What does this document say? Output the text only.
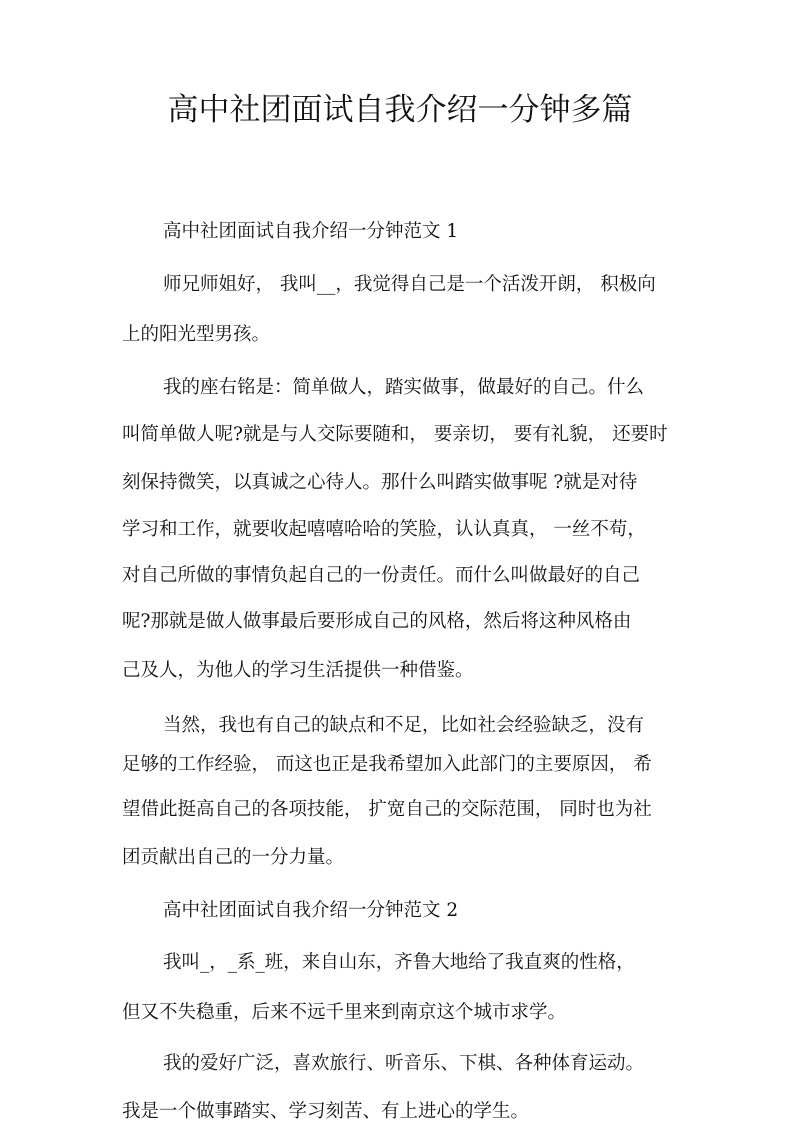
高中社团面试自我介绍一分钟多篇
高中社团面试自我介绍一分钟范文 1
师兄师姐好， 我叫__，我觉得自己是一个活泼开朗， 积极向
上的阳光型男孩。
我的座右铭是：简单做人，踏实做事，做最好的自己。什么
叫简单做人呢?就是与人交际要随和， 要亲切， 要有礼貌， 还要时
刻保持微笑，以真诚之心待人。那什么叫踏实做事呢 ?就是对待
学习和工作，就要收起嘻嘻哈哈的笑脸，认认真真， 一丝不苟，
对自己所做的事情负起自己的一份责任。而什么叫做最好的自己
呢?那就是做人做事最后要形成自己的风格，然后将这种风格由
己及人，为他人的学习生活提供一种借鉴。
当然，我也有自己的缺点和不足，比如社会经验缺乏，没有
足够的工作经验， 而这也正是我希望加入此部门的主要原因， 希
望借此挺高自己的各项技能， 扩宽自己的交际范围， 同时也为社
团贡献出自己的一分力量。
高中社团面试自我介绍一分钟范文 2
我叫_，_系_班，来自山东，齐鲁大地给了我直爽的性格，
但又不失稳重，后来不远千里来到南京这个城市求学。
我的爱好广泛，喜欢旅行、听音乐、下棋、各种体育运动。
我是一个做事踏实、学习刻苦、有上进心的学生。
